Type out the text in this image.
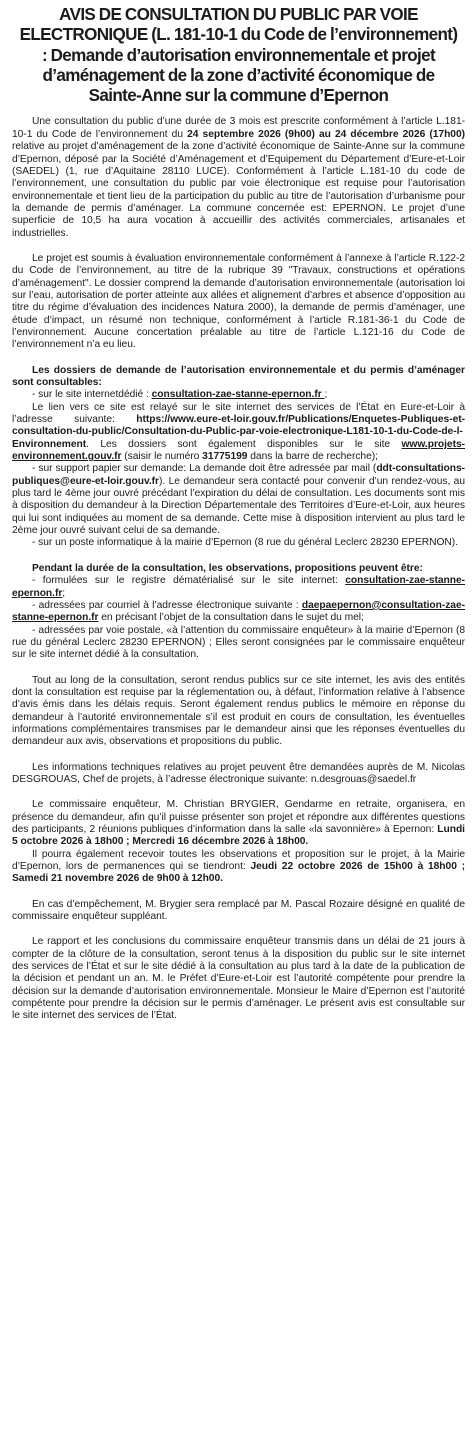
AVIS DE CONSULTATION DU PUBLIC PAR VOIE ELECTRONIQUE (L. 181-10-1 du Code de l’environnement) : Demande d’autorisation environnementale et projet d’aménagement de la zone d’activité économique de Sainte-Anne sur la commune d’Epernon

Une consultation du public d’une durée de 3 mois est prescrite conformément à l’article L.181-10-1 du Code de l’environnement du 24 septembre 2026 (9h00) au 24 décembre 2026 (17h00) relative au projet d’aménagement de la zone d’activité économique de Sainte-Anne sur la commune d’Epernon, déposé par la Société d’Aménagement et d’Equipement du Département d’Eure-et-Loir (SAEDEL) (1, rue d’Aquitaine 28110 LUCE). Conformément à l’article L.181-10 du code de l’environnement, une consultation du public par voie électronique est requise pour l’autorisation environnementale et tient lieu de la participation du public au titre de l’autorisation d’urbanisme pour la demande de permis d’aménager. La commune concernée est: EPERNON. Le projet d’une superficie de 10,5 ha aura vocation à accueillir des activités commerciales, artisanales et industrielles.

Le projet est soumis à évaluation environnementale conformément à l’annexe à l’article R.122-2 du Code de l’environnement, au titre de la rubrique 39 "Travaux, constructions et opérations d’aménagement". Le dossier comprend la demande d’autorisation environnementale (autorisation loi sur l’eau, autorisation de porter atteinte aux allées et alignement d’arbres et absence d’opposition au titre du régime d’évaluation des incidences Natura 2000), la demande de permis d’aménager, une étude d’impact, un résumé non technique, conformément à l’article R.181-36-1 du Code de l’environnement. Aucune concertation préalable au titre de l’article L.121-16 du Code de l’environnement n’a eu lieu.

Les dossiers de demande de l’autorisation environnementale et du permis d’aménager sont consultables:

- sur le site internetdédié : consultation-zae-stanne-epernon.fr ;

Le lien vers ce site est relayé sur le site internet des services de l’État en Eure-et-Loir à l’adresse suivante: https://www.eure-et-loir.gouv.fr/Publications/Enquetes-Publiques-et-consultation-du-public/Consultation-du-Public-par-voie-electronique-L181-10-1-du-Code-de-l-Environnement. Les dossiers sont également disponibles sur le site www.projets-environnement.gouv.fr (saisir le numéro 31775199 dans la barre de recherche);

- sur support papier sur demande: La demande doit être adressée par mail (ddt-consultations-publiques@eure-et-loir.gouv.fr). Le demandeur sera contacté pour convenir d’un rendez-vous, au plus tard le 4ème jour ouvré précédant l’expiration du délai de consultation. Les documents sont mis à disposition du demandeur à la Direction Départementale des Territoires d’Eure-et-Loir, aux heures qui lui sont indiquées au moment de sa demande. Cette mise à disposition intervient au plus tard le 2ème jour ouvré suivant celui de sa demande.

- sur un poste informatique à la mairie d’Epernon (8 rue du général Leclerc 28230 EPERNON).

Pendant la durée de la consultation, les observations, propositions peuvent être:

- formulées sur le registre dématérialisé sur le site internet: consultation-zae-stanne-epernon.fr;

- adressées par courriel à l’adresse électronique suivante : daepaepernon@consultation-zae-stanne-epernon.fr en précisant l’objet de la consultation dans le sujet du mel;

- adressées par voie postale, «à l’attention du commissaire enquêteur» à la mairie d’Epernon (8 rue du général Leclerc 28230 EPERNON) ; Elles seront consignées par le commissaire enquêteur sur le site internet dédié à la consultation.

Tout au long de la consultation, seront rendus publics sur ce site internet, les avis des entités dont la consultation est requise par la réglementation ou, à défaut, l’information relative à l’absence d’avis émis dans les délais requis. Seront également rendus publics le mémoire en réponse du demandeur à l’autorité environnementale s’il est produit en cours de consultation, les éventuelles informations complémentaires transmises par le demandeur ainsi que les réponses éventuelles du demandeur aux avis, observations et propositions du public.

Les informations techniques relatives au projet peuvent être demandées auprès de M. Nicolas DESGROUAS, Chef de projets, à l’adresse électronique suivante: n.desgrouas@saedel.fr

Le commissaire enquêteur, M. Christian BRYGIER, Gendarme en retraite, organisera, en présence du demandeur, afin qu’il puisse présenter son projet et répondre aux différentes questions des participants, 2 réunions publiques d’information dans la salle «la savonnière» à Epernon: Lundi 5 octobre 2026 à 18h00 ; Mercredi 16 décembre 2026 à 18h00.

Il pourra également recevoir toutes les observations et proposition sur le projet, à la Mairie d’Epernon, lors de permanences qui se tiendront: Jeudi 22 octobre 2026 de 15h00 à 18h00 ; Samedi 21 novembre 2026 de 9h00 à 12h00.

En cas d’empêchement, M. Brygier sera remplacé par M. Pascal Rozaire désigné en qualité de commissaire enquêteur suppléant.

Le rapport et les conclusions du commissaire enquêteur transmis dans un délai de 21 jours à compter de la clôture de la consultation, seront tenus à la disposition du public sur le site internet des services de l’État et sur le site dédié à la consultation au plus tard à la date de la publication de la décision et pendant un an. M. le Préfet d’Eure-et-Loir est l’autorité compétente pour prendre la décision sur la demande d’autorisation environnementale. Monsieur le Maire d’Epernon est l’autorité compétente pour prendre la décision sur le permis d’aménager. Le présent avis est consultable sur le site internet des services de l’État.
